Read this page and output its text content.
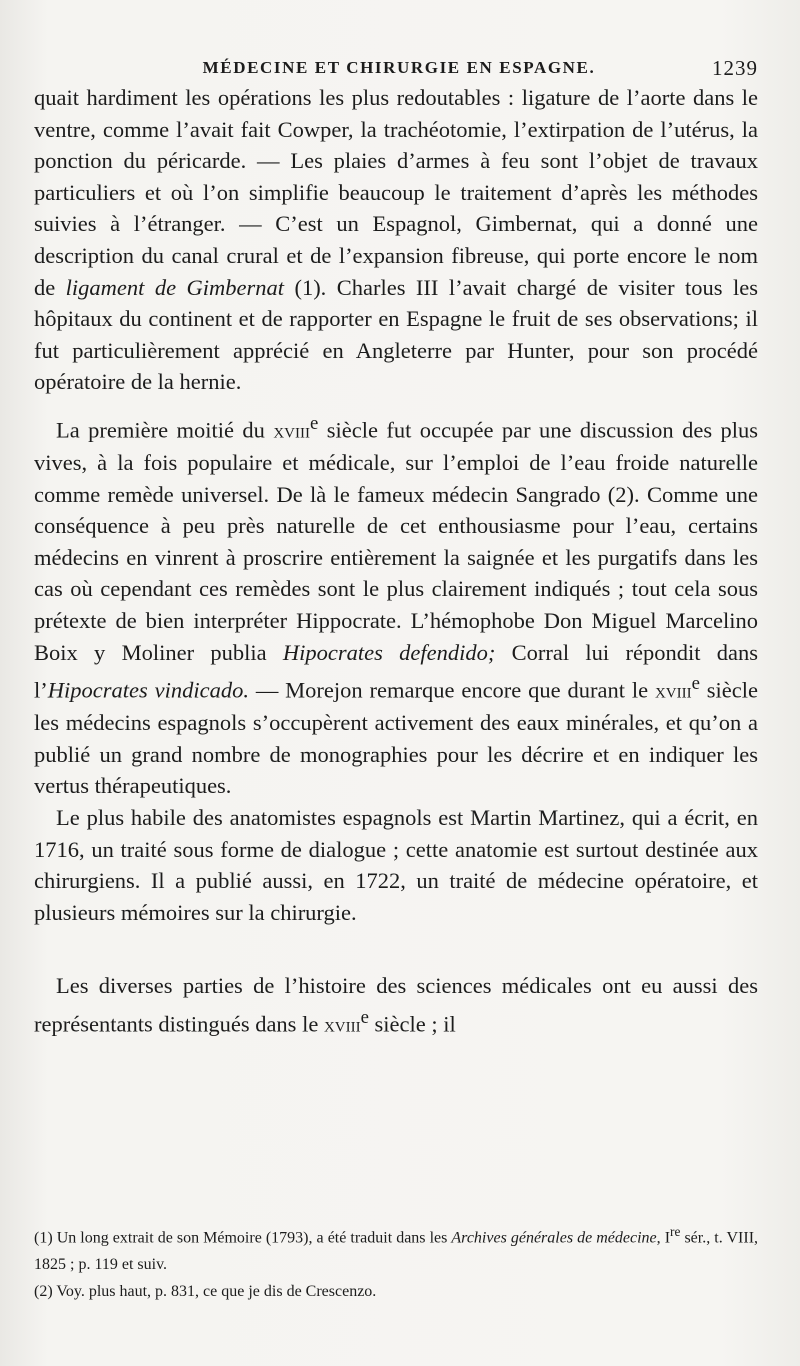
MÉDECINE ET CHIRURGIE EN ESPAGNE.	1239

quait hardiment les opérations les plus redoutables : ligature de l’aorte dans le ventre, comme l’avait fait Cowper, la trachéotomie, l’extirpation de l’utérus, la ponction du péricarde. — Les plaies d’armes à feu sont l’objet de travaux particuliers et où l’on simplifie beaucoup le traitement d’après les méthodes suivies à l’étranger. — C’est un Espagnol, Gimbernat, qui a donné une description du canal crural et de l’expansion fibreuse, qui porte encore le nom de ligament de Gimbernat (1). Charles III l’avait chargé de visiter tous les hôpitaux du continent et de rapporter en Espagne le fruit de ses observations; il fut particulièrement apprécié en Angleterre par Hunter, pour son procédé opératoire de la hernie.

La première moitié du xviii$^e$ siècle fut occupée par une discussion des plus vives, à la fois populaire et médicale, sur l’emploi de l’eau froide naturelle comme remède universel. De là le fameux médecin Sangrado (2). Comme une conséquence à peu près naturelle de cet enthousiasme pour l’eau, certains médecins en vinrent à proscrire entièrement la saignée et les purgatifs dans les cas où cependant ces remèdes sont le plus clairement indiqués ; tout cela sous prétexte de bien interpréter Hippocrate. L’hémophobe Don Miguel Marcelino Boix y Moliner publia Hipocrates defendido; Corral lui répondit dans l’Hipocrates vindicado. — Morejon remarque encore que durant le xviii$^e$ siècle les médecins espagnols s’occupèrent activement des eaux minérales, et qu’on a publié un grand nombre de monographies pour les décrire et en indiquer les vertus thérapeutiques.

Le plus habile des anatomistes espagnols est Martin Martinez, qui a écrit, en 1716, un traité sous forme de dialogue ; cette anatomie est surtout destinée aux chirurgiens. Il a publié aussi, en 1722, un traité de médecine opératoire, et plusieurs mémoires sur la chirurgie.

Les diverses parties de l’histoire des sciences médicales ont eu aussi des représentants distingués dans le xviii$^e$ siècle ; il

(1) Un long extrait de son Mémoire (1793), a été traduit dans les Archives générales de médecine, Ire sér., t. VIII, 1825 ; p. 119 et suiv.

(2) Voy. plus haut, p. 831, ce que je dis de Crescenzo.
